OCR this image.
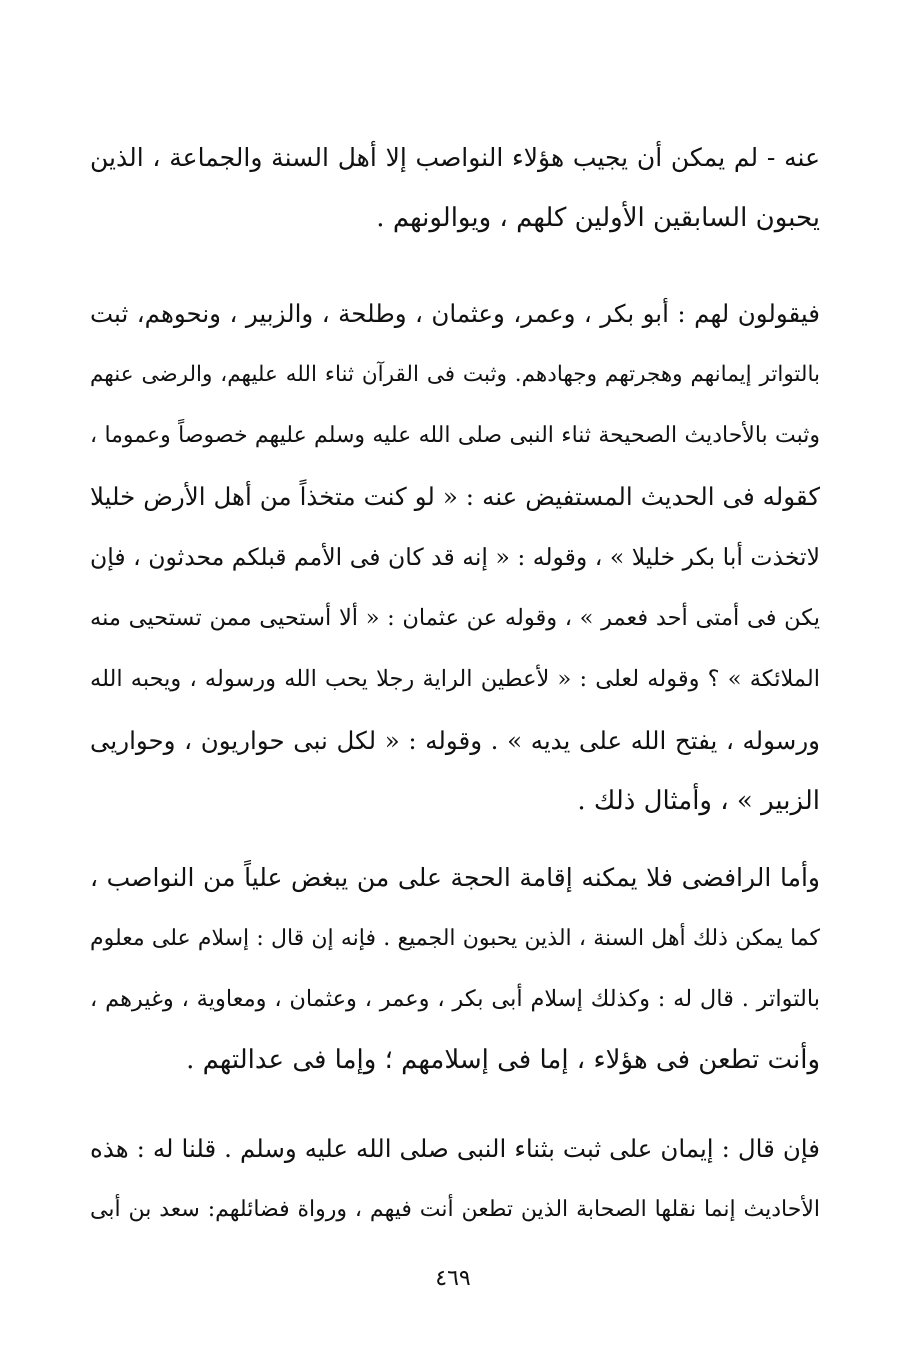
عنه - لم يمكن أن يجيب هؤلاء النواصب إلا أهل السنة والجماعة ، الذين
يحبون السابقين الأولين كلهم ، ويوالونهم .
فيقولون لهم : أبو بكر ، وعمر، وعثمان ، وطلحة ، والزبير ، ونحوهم، ثبت
بالتواتر إيمانهم وهجرتهم وجهادهم. وثبت فى القرآن ثناء الله عليهم، والرضى عنهم
وثبت بالأحاديث الصحيحة ثناء النبى صلى الله عليه وسلم عليهم خصوصاً وعموما ،
كقوله فى الحديث المستفيض عنه : « لو كنت متخذاً من أهل الأرض خليلا
لاتخذت أبا بكر خليلا » ، وقوله : « إنه قد كان فى الأمم قبلكم محدثون ، فإن
يكن فى أمتى أحد فعمر » ، وقوله عن عثمان : « ألا أستحيى ممن تستحيى منه
الملائكة » ؟ وقوله لعلى : « لأعطين الراية رجلا يحب الله ورسوله ، ويحبه الله
ورسوله ، يفتح الله على يديه » . وقوله : « لكل نبى حواريون ، وحواريى
الزبير » ، وأمثال ذلك .
وأما الرافضى فلا يمكنه إقامة الحجة على من يبغض علياً من النواصب ،
كما يمكن ذلك أهل السنة ، الذين يحبون الجميع . فإنه إن قال : إسلام على معلوم
بالتواتر . قال له : وكذلك إسلام أبى بكر ، وعمر ، وعثمان ، ومعاوية ، وغيرهم ،
وأنت تطعن فى هؤلاء ، إما فى إسلامهم ؛ وإما فى عدالتهم .
فإن قال : إيمان على ثبت بثناء النبى صلى الله عليه وسلم . قلنا له : هذه
الأحاديث إنما نقلها الصحابة الذين تطعن أنت فيهم ، ورواة فضائلهم: سعد بن أبى
٤٦٩
